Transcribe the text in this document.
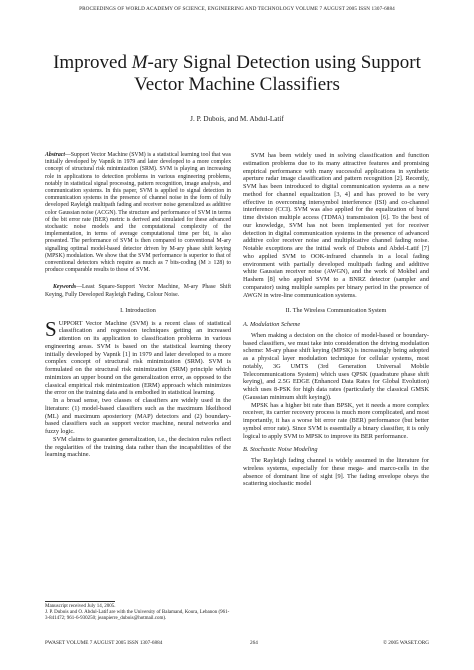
PROCEEDINGS OF WORLD ACADEMY OF SCIENCE, ENGINEERING AND TECHNOLOGY VOLUME 7 AUGUST 2005 ISSN 1307-6884
Improved M-ary Signal Detection using Support
Vector Machine Classifiers
J. P. Dubois, and M. Abdul-Latif

Abstract—Support Vector Machine (SVM) is a statistical learning tool that was initially developed by Vapnik in 1979 and later developed to a more complex concept of structural risk minimization (SRM). SVM is playing an increasing role in applications to detection problems in various engineering problems, notably in statistical signal processing, pattern recognition, image analysis, and communication systems. In this paper, SVM is applied to signal detection in communication systems in the presence of channel noise in the form of fully developed Rayleigh multipath fading and receiver noise generalized as additive color Gaussian noise (ACGN). The structure and performance of SVM in terms of the bit error rate (BER) metric is derived and simulated for these advanced stochastic noise models and the computational complexity of the implementation, in terms of average computational time per bit, is also presented. The performance of SVM is then compared to conventional M-ary signalling optimal model-based detector driven by M-ary phase shift keying (MPSK) modulation. We show that the SVM performance is superior to that of conventional detectors which require as much as 7 bits-coding (M ≥ 128) to produce comparable results to those of SVM.

Keywords—Least Square-Support Vector Machine, M-ary Phase Shift Keying, Fully Developed Rayleigh Fading, Colour Noise.

I. Introduction

SUPPORT Vector Machine (SVM) is a recent class of statistical classification and regression techniques getting an increased attention on its application to classification problems in various engineering areas. SVM is based on the statistical learning theory initially developed by Vapnik [1] in 1979 and later developed to a more complex concept of structural risk minimization (SRM). SVM is formulated on the structural risk minimization (SRM) principle which minimizes an upper bound on the generalization error, as opposed to the classical empirical risk minimization (ERM) approach which minimizes the error on the training data and is embodied in statistical learning.

In a broad sense, two classes of classifiers are widely used in the literature: (1) model-based classifiers such as the maximum likelihood (ML) and maximum aposteriory (MAP) detectors and (2) boundary-based classifiers such as support vector machine, neural networks and fuzzy logic.

SVM claims to guarantee generalization, i.e., the decision rules reflect the regularities of the training data rather than the incapabilities of the learning machine.

SVM has been widely used in solving classification and function estimation problems due to its many attractive features and promising empirical performance with many successful applications in synthetic aperture radar image classification and pattern recognition [2]. Recently, SVM has been introduced to digital communication systems as a new method for channel equalization [3, 4] and has proved to be very effective in overcoming intersymbol interference (ISI) and co-channel interference (CCI). SVM was also applied for the equalization of burst time division multiple access (TDMA) transmission [6]. To the best of our knowledge, SVM has not been implemented yet for receiver detection in digital communication systems in the presence of advanced additive color receiver noise and multiplicative channel fading noise. Notable exceptions are the initial work of Dubois and Abdel-Latif [7] who applied SVM to OOK-infrared channels in a local fading environment with partially developed multipath fading and additive white Gaussian receiver noise (AWGN), and the work of Mokbel and Hashem [8] who applied SVM to a BNRZ detector (sampler and comparator) using multiple samples per binary period in the presence of AWGN in wire-line communication systems.

II. The Wireless Communication System

A. Modulation Scheme

When making a decision on the choice of model-based or boundary-based classifiers, we must take into consideration the driving modulation scheme: M-ary phase shift keying (MPSK) is increasingly being adopted as a physical layer modulation technique for cellular systems, most notably, 3G UMTS (3rd Generation Universal Mobile Telecommunications System) which uses QPSK (quadrature phase shift keying), and 2.5G EDGE (Enhanced Data Rates for Global Evolution) which uses 8-PSK for high data rates (particularly the classical GMSK (Gaussian minimum shift keying)).

MPSK has a higher bit rate than BPSK, yet it needs a more complex receiver, its carrier recovery process is much more complicated, and most importantly, it has a worse bit error rate (BER) performance (but better symbol error rate). Since SVM is essentially a binary classifier, it is only logical to apply SVM to MPSK to improve its BER performance.

B. Stochastic Noise Modeling

The Rayleigh fading channel is widely assumed in the literature for wireless systems, especially for these mega- and marco-cells in the absence of dominant line of sight [9]. The fading envelope obeys the scattering stochastic model

Manuscript received July 14, 2005.
J. P. Dubois and O. Abdul-Latif are with the University of Balamand, Koura, Lebanon (961-3-841472; 961-6-930250; jeanpierre_dubois@hotmail.com).
PWASET VOLUME 7 AUGUST 2005 ISSN 1307-6884	264	© 2005 WASET.ORG
